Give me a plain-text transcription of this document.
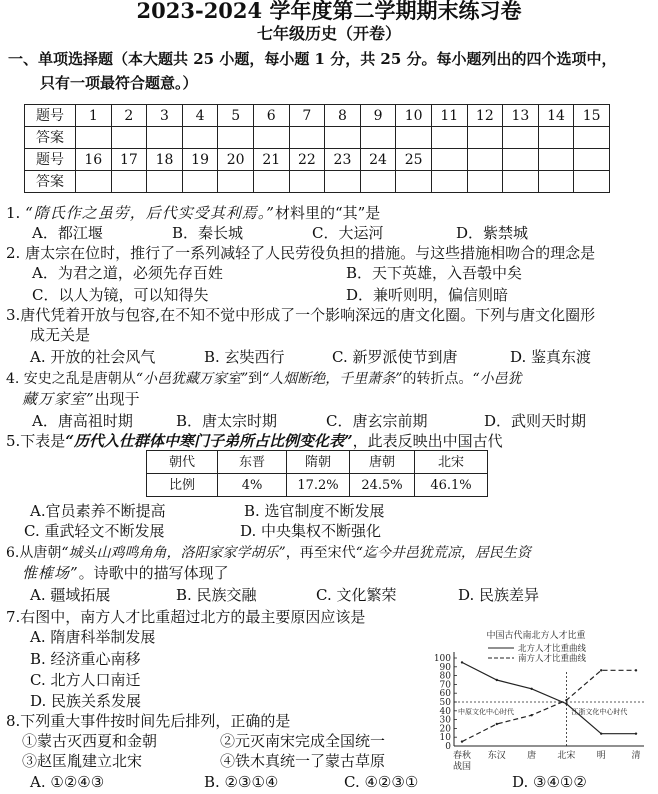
2023-2024 学年度第二学期期末练习卷
七年级历史（开卷）
一、单项选择题（本大题共 25 小题，每小题 1 分，共 25 分。每小题列出的四个选项中，
只有一项最符合题意。）
题号	1	2	3	4	5	6	7	8	9	10	11	12	13	14	15
答案															
题号	16	17	18	19	20	21	22	23	24	25					
答案															
1. “隋氏作之虽劳，后代实受其利焉。”材料里的“其”是
A．都江堰	B．秦长城	C．大运河	D．紫禁城
2. 唐太宗在位时，推行了一系列减轻了人民劳役负担的措施。与这些措施相吻合的理念是
A．为君之道，必须先存百姓	B．天下英雄，入吾彀中矣
C．以人为镜，可以知得失	D．兼听则明，偏信则暗
3.唐代凭着开放与包容,在不知不觉中形成了一个影响深远的唐文化圈。下列与唐文化圈形
成无关是
A. 开放的社会风气	B. 玄奘西行	C. 新罗派使节到唐	D. 鉴真东渡
4. 安史之乱是唐朝从“小邑犹藏万家室”到“人烟断绝，千里萧条”的转折点。“小邑犹
藏万家室”出现于
A．唐高祖时期	B．唐太宗时期	C．唐玄宗前期	D．武则天时期
5.下表是“历代入仕群体中寒门子弟所占比例变化表”，此表反映出中国古代
朝代	东晋	隋朝	唐朝	北宋
比例	4%	17.2%	24.5%	46.1%
A.官员素养不断提高	B. 选官制度不断发展
C. 重武轻文不断发展	D. 中央集权不断强化
6.从唐朝“城头山鸡鸣角角，洛阳家家学胡乐”，再至宋代“迄今井邑犹荒凉，居民生资
惟榷场”。诗歌中的描写体现了
A. 疆域拓展	B. 民族交融	C. 文化繁荣	D. 民族差异
7.右图中，南方人才比重超过北方的最主要原因应该是
A. 隋唐科举制发展
B. 经济重心南移
C. 北方人口南迁
D. 民族关系发展
8.下列重大事件按时间先后排列，正确的是
①蒙古灭西夏和金朝	②元灭南宋完成全国统一
③赵匡胤建立北宋	④铁木真统一了蒙古草原
A. ①②④③	B. ②③①④	C. ④②③①	D. ③④①②
中国古代南北方人才比重
北方人才比重曲线
南方人才比重曲线
100
90
80
70
60
50
40
30
20
10
0
中原文化中心时代	江浙文化中心时代
春秋 东汉 唐 北宋 明	清
战国
